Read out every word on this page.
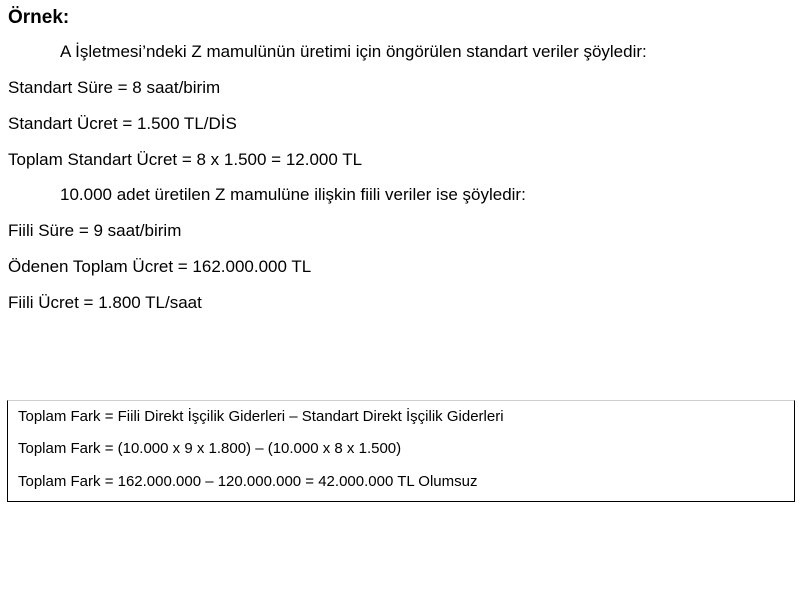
Örnek:

A İşletmesi’ndeki Z mamulünün üretimi için öngörülen standart veriler şöyledir:

Standart Süre = 8 saat/birim

Standart Ücret = 1.500 TL/DİS

Toplam Standart Ücret = 8 x 1.500 = 12.000 TL

10.000 adet üretilen Z mamulüne ilişkin fiili veriler ise şöyledir:

Fiili Süre = 9 saat/birim

Ödenen Toplam Ücret = 162.000.000 TL

Fiili Ücret = 1.800 TL/saat

Toplam Fark = Fiili Direkt İşçilik Giderleri – Standart Direkt İşçilik Giderleri

Toplam Fark = (10.000 x 9 x 1.800) – (10.000 x 8 x 1.500)

Toplam Fark = 162.000.000 – 120.000.000 = 42.000.000 TL Olumsuz
